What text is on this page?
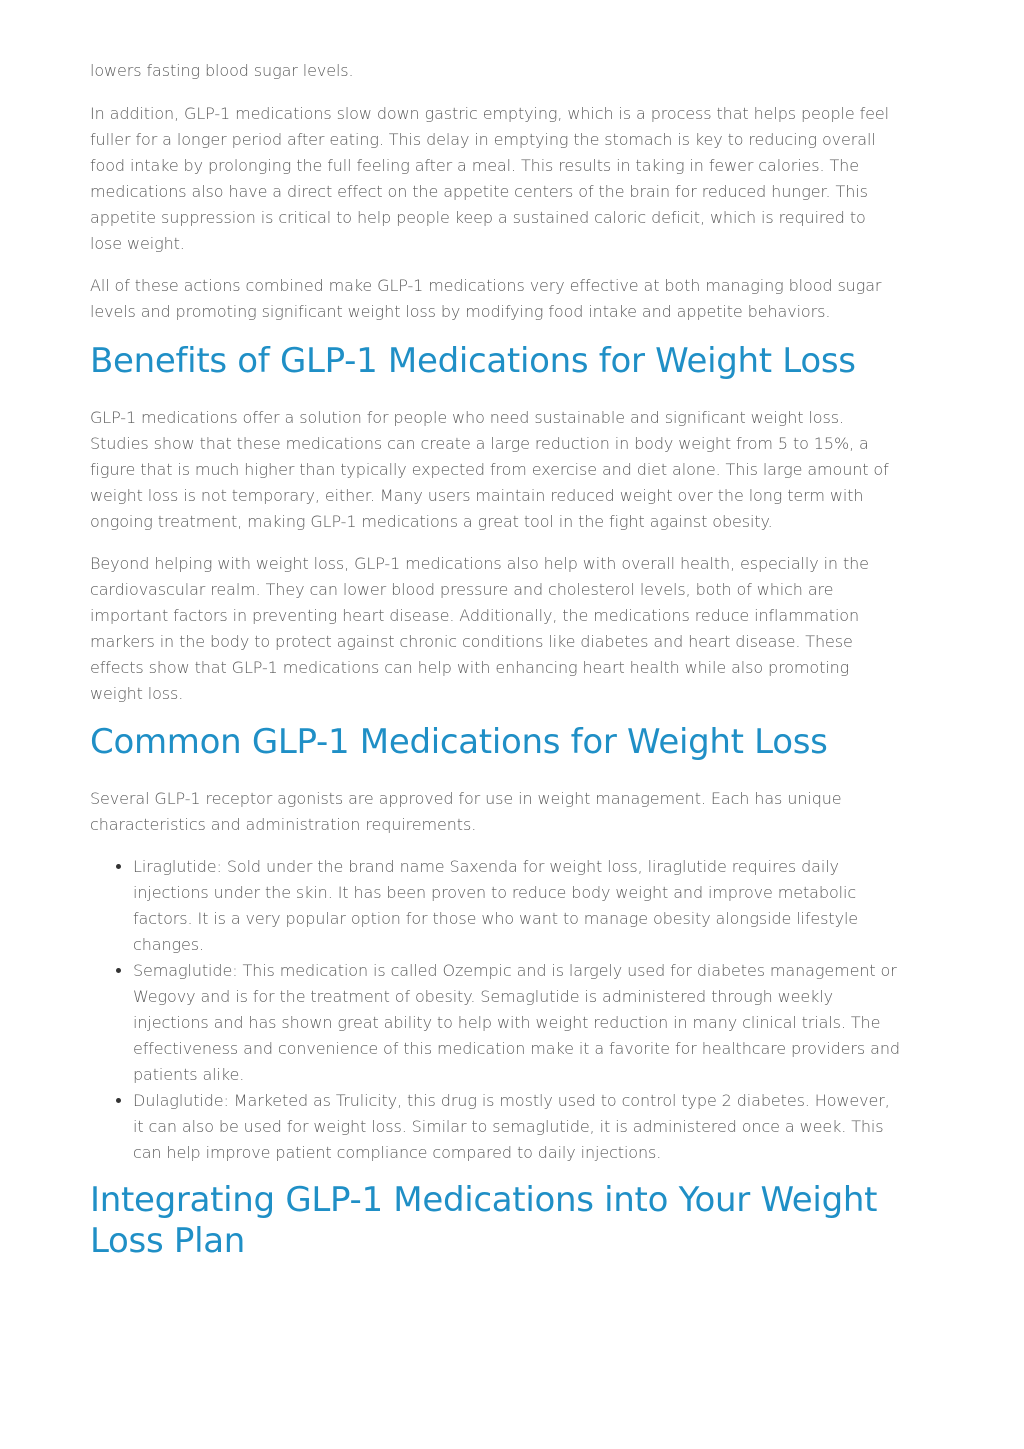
lowers fasting blood sugar levels.

In addition, GLP-1 medications slow down gastric emptying, which is a process that helps people feel fuller for a longer period after eating. This delay in emptying the stomach is key to reducing overall food intake by prolonging the full feeling after a meal. This results in taking in fewer calories. The medications also have a direct effect on the appetite centers of the brain for reduced hunger. This appetite suppression is critical to help people keep a sustained caloric deficit, which is required to lose weight.

All of these actions combined make GLP-1 medications very effective at both managing blood sugar levels and promoting significant weight loss by modifying food intake and appetite behaviors.

Benefits of GLP-1 Medications for Weight Loss

GLP-1 medications offer a solution for people who need sustainable and significant weight loss. Studies show that these medications can create a large reduction in body weight from 5 to 15%, a figure that is much higher than typically expected from exercise and diet alone. This large amount of weight loss is not temporary, either. Many users maintain reduced weight over the long term with ongoing treatment, making GLP-1 medications a great tool in the fight against obesity.

Beyond helping with weight loss, GLP-1 medications also help with overall health, especially in the cardiovascular realm. They can lower blood pressure and cholesterol levels, both of which are important factors in preventing heart disease. Additionally, the medications reduce inflammation markers in the body to protect against chronic conditions like diabetes and heart disease. These effects show that GLP-1 medications can help with enhancing heart health while also promoting weight loss.

Common GLP-1 Medications for Weight Loss

Several GLP-1 receptor agonists are approved for use in weight management. Each has unique characteristics and administration requirements.

• Liraglutide: Sold under the brand name Saxenda for weight loss, liraglutide requires daily injections under the skin. It has been proven to reduce body weight and improve metabolic factors. It is a very popular option for those who want to manage obesity alongside lifestyle changes.
• Semaglutide: This medication is called Ozempic and is largely used for diabetes management or Wegovy and is for the treatment of obesity. Semaglutide is administered through weekly injections and has shown great ability to help with weight reduction in many clinical trials. The effectiveness and convenience of this medication make it a favorite for healthcare providers and patients alike.
• Dulaglutide: Marketed as Trulicity, this drug is mostly used to control type 2 diabetes. However, it can also be used for weight loss. Similar to semaglutide, it is administered once a week. This can help improve patient compliance compared to daily injections.
Integrating GLP-1 Medications into Your Weight Loss Plan
